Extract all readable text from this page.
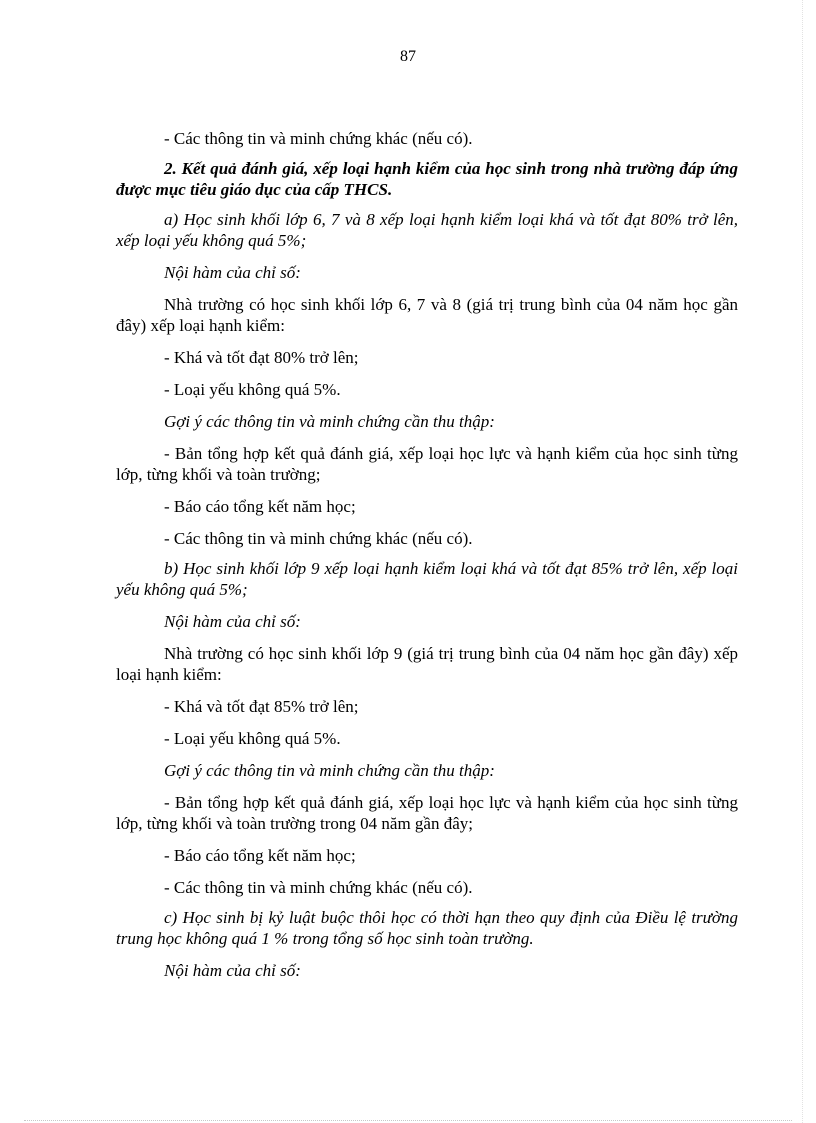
87

- Các thông tin và minh chứng khác (nếu có).

2. Kết quả đánh giá, xếp loại hạnh kiểm của học sinh trong nhà trường đáp ứng được mục tiêu giáo dục của cấp THCS.

a) Học sinh khối lớp 6, 7 và 8 xếp loại hạnh kiểm loại khá và tốt đạt 80% trở lên, xếp loại yếu không quá 5%;

Nội hàm của chỉ số:

Nhà trường có học sinh khối lớp 6, 7 và 8 (giá trị trung bình của 04 năm học gần đây) xếp loại hạnh kiểm:

- Khá và tốt đạt 80% trở lên;

- Loại yếu không quá 5%.

Gợi ý các thông tin và minh chứng cần thu thập:

- Bản tổng hợp kết quả đánh giá, xếp loại học lực và hạnh kiểm của học sinh từng lớp, từng khối và toàn trường;

- Báo cáo tổng kết năm học;

- Các thông tin và minh chứng khác (nếu có).

b) Học sinh khối lớp 9 xếp loại hạnh kiểm loại khá và tốt đạt 85% trở lên, xếp loại yếu không quá 5%;

Nội hàm của chỉ số:

Nhà trường có học sinh khối lớp 9 (giá trị trung bình của 04 năm học gần đây) xếp loại hạnh kiểm:

- Khá và tốt đạt 85% trở lên;

- Loại yếu không quá 5%.

Gợi ý các thông tin và minh chứng cần thu thập:

- Bản tổng hợp kết quả đánh giá, xếp loại học lực và hạnh kiểm của học sinh từng lớp, từng khối và toàn trường trong 04 năm gần đây;

- Báo cáo tổng kết năm học;

- Các thông tin và minh chứng khác (nếu có).

c) Học sinh bị kỷ luật buộc thôi học có thời hạn theo quy định của Điều lệ trường trung học không quá 1 % trong tổng số học sinh toàn trường.

Nội hàm của chỉ số:
